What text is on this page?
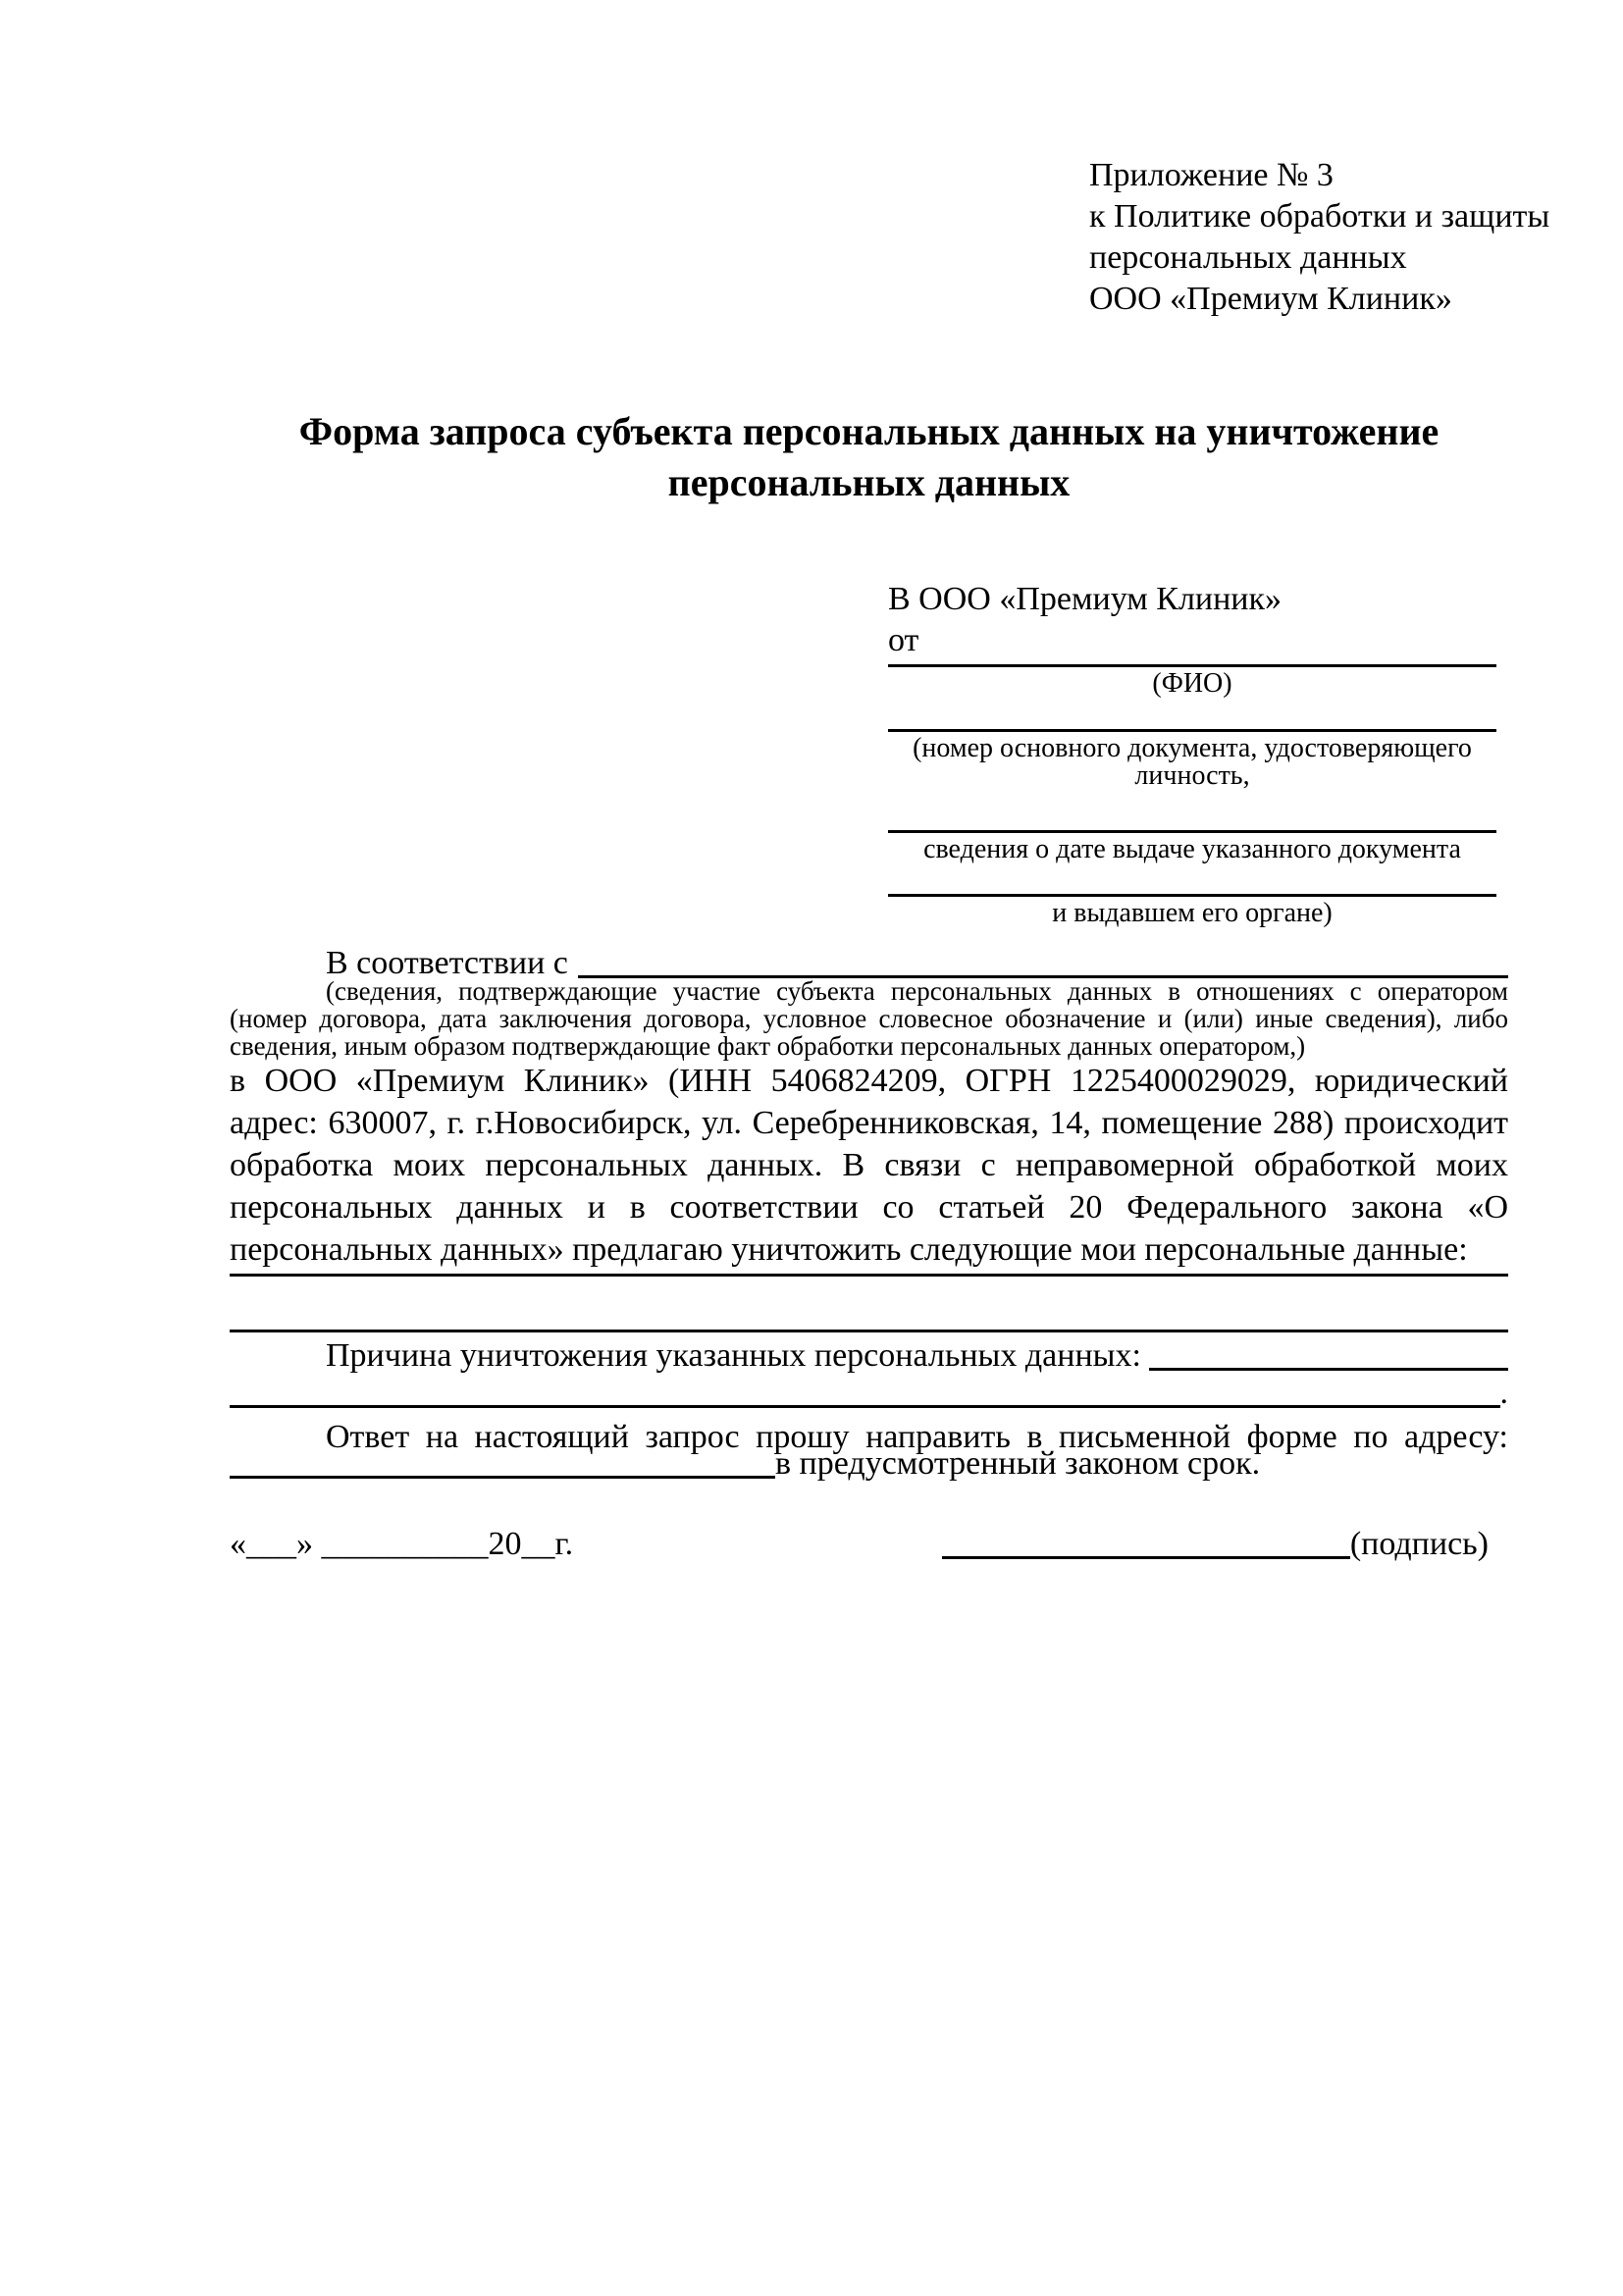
Приложение № 3
к Политике обработки и защиты
персональных данных
ООО «Премиум Клиник»
Форма запроса субъекта персональных данных на уничтожение персональных данных
В ООО «Премиум Клиник»
от
(ФИО)
(номер основного документа, удостоверяющего личность,
сведения о дате выдаче указанного документа
и выдавшем его органе)
В соответствии с

(сведения, подтверждающие участие субъекта персональных данных в отношениях с оператором (номер договора, дата заключения договора, условное словесное обозначение и (или) иные сведения), либо сведения, иным образом подтверждающие факт обработки персональных данных оператором,)

в ООО «Премиум Клиник» (ИНН 5406824209, ОГРН 1225400029029, юридический адрес: 630007, г. г.Новосибирск, ул. Серебренниковская, 14, помещение 288) происходит обработка моих персональных данных. В связи с неправомерной обработкой моих персональных данных и в соответствии со статьей 20 Федерального закона «О персональных данных» предлагаю уничтожить следующие мои персональные данные:

Причина уничтожения указанных персональных данных:
.

Ответ на настоящий запрос прошу направить в письменной форме по адресу:

в предусмотренный законом срок.
«___» __________20__г.	(подпись)
